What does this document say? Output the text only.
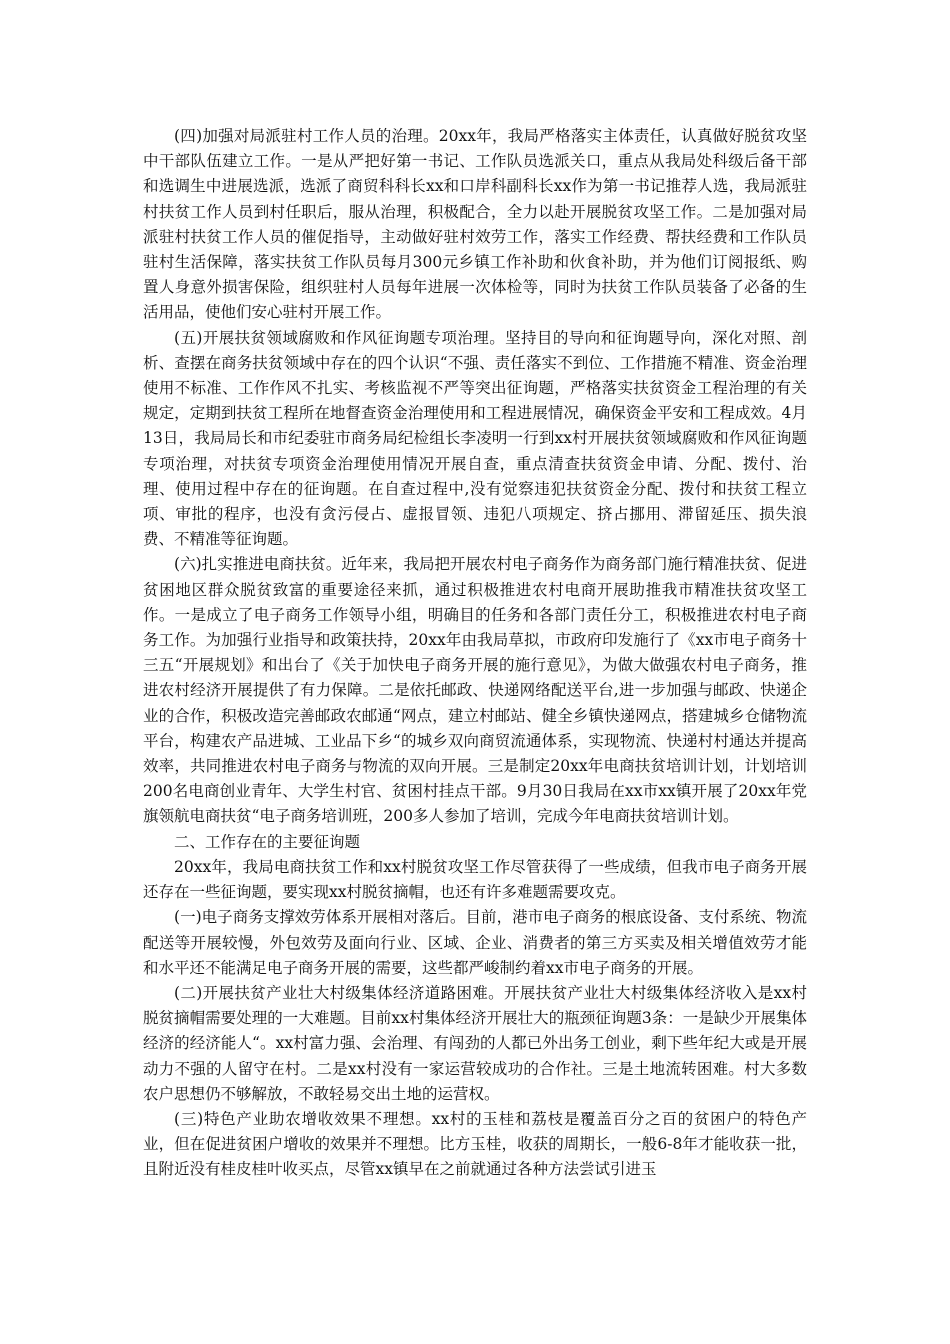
(四)加强对局派驻村工作人员的治理。20xx年，我局严格落实主体责任，认真做好脱贫攻坚中干部队伍建立工作。一是从严把好第一书记、工作队员选派关口，重点从我局处科级后备干部和选调生中进展选派，选派了商贸科科长xx和口岸科副科长xx作为第一书记推荐人选，我局派驻村扶贫工作人员到村任职后，服从治理，积极配合，全力以赴开展脱贫攻坚工作。二是加强对局派驻村扶贫工作人员的催促指导，主动做好驻村效劳工作，落实工作经费、帮扶经费和工作队员驻村生活保障，落实扶贫工作队员每月300元乡镇工作补助和伙食补助，并为他们订阅报纸、购置人身意外损害保险，组织驻村人员每年进展一次体检等，同时为扶贫工作队员装备了必备的生活用品，使他们安心驻村开展工作。

(五)开展扶贫领域腐败和作风征询题专项治理。坚持目的导向和征询题导向，深化对照、剖析、查摆在商务扶贫领域中存在的四个认识“不强、责任落实不到位、工作措施不精准、资金治理使用不标准、工作作风不扎实、考核监视不严等突出征询题，严格落实扶贫资金工程治理的有关规定，定期到扶贫工程所在地督查资金治理使用和工程进展情况，确保资金平安和工程成效。4月13日，我局局长和市纪委驻市商务局纪检组长李凌明一行到xx村开展扶贫领域腐败和作风征询题专项治理，对扶贫专项资金治理使用情况开展自查，重点清查扶贫资金申请、分配、拨付、治理、使用过程中存在的征询题。在自查过程中,没有觉察违犯扶贫资金分配、拨付和扶贫工程立项、审批的程序，也没有贪污侵占、虚报冒领、违犯八项规定、挤占挪用、滞留延压、损失浪费、不精准等征询题。

(六)扎实推进电商扶贫。近年来，我局把开展农村电子商务作为商务部门施行精准扶贫、促进贫困地区群众脱贫致富的重要途径来抓，通过积极推进农村电商开展助推我市精准扶贫攻坚工作。一是成立了电子商务工作领导小组，明确目的任务和各部门责任分工，积极推进农村电子商务工作。为加强行业指导和政策扶持，20xx年由我局草拟，市政府印发施行了《xx市电子商务十三五“开展规划》和出台了《关于加快电子商务开展的施行意见》，为做大做强农村电子商务，推进农村经济开展提供了有力保障。二是依托邮政、快递网络配送平台,进一步加强与邮政、快递企业的合作，积极改造完善邮政农邮通“网点，建立村邮站、健全乡镇快递网点，搭建城乡仓储物流平台，构建农产品进城、工业品下乡“的城乡双向商贸流通体系，实现物流、快递村村通达并提高效率，共同推进农村电子商务与物流的双向开展。三是制定20xx年电商扶贫培训计划，计划培训200名电商创业青年、大学生村官、贫困村挂点干部。9月30日我局在xx市xx镇开展了20xx年党旗领航电商扶贫“电子商务培训班，200多人参加了培训，完成今年电商扶贫培训计划。

二、工作存在的主要征询题

20xx年，我局电商扶贫工作和xx村脱贫攻坚工作尽管获得了一些成绩，但我市电子商务开展还存在一些征询题，要实现xx村脱贫摘帽，也还有许多难题需要攻克。

(一)电子商务支撑效劳体系开展相对落后。目前，港市电子商务的根底设备、支付系统、物流配送等开展较慢，外包效劳及面向行业、区域、企业、消费者的第三方买卖及相关增值效劳才能和水平还不能满足电子商务开展的需要，这些都严峻制约着xx市电子商务的开展。

(二)开展扶贫产业壮大村级集体经济道路困难。开展扶贫产业壮大村级集体经济收入是xx村脱贫摘帽需要处理的一大难题。目前xx村集体经济开展壮大的瓶颈征询题3条：一是缺少开展集体经济的经济能人“。xx村富力强、会治理、有闯劲的人都已外出务工创业，剩下些年纪大或是开展动力不强的人留守在村。二是xx村没有一家运营较成功的合作社。三是土地流转困难。村大多数农户思想仍不够解放，不敢轻易交出土地的运营权。

(三)特色产业助农增收效果不理想。xx村的玉桂和荔枝是覆盖百分之百的贫困户的特色产业，但在促进贫困户增收的效果并不理想。比方玉桂，收获的周期长，一般6-8年才能收获一批，且附近没有桂皮桂叶收买点，尽管xx镇早在之前就通过各种方法尝试引进玉
